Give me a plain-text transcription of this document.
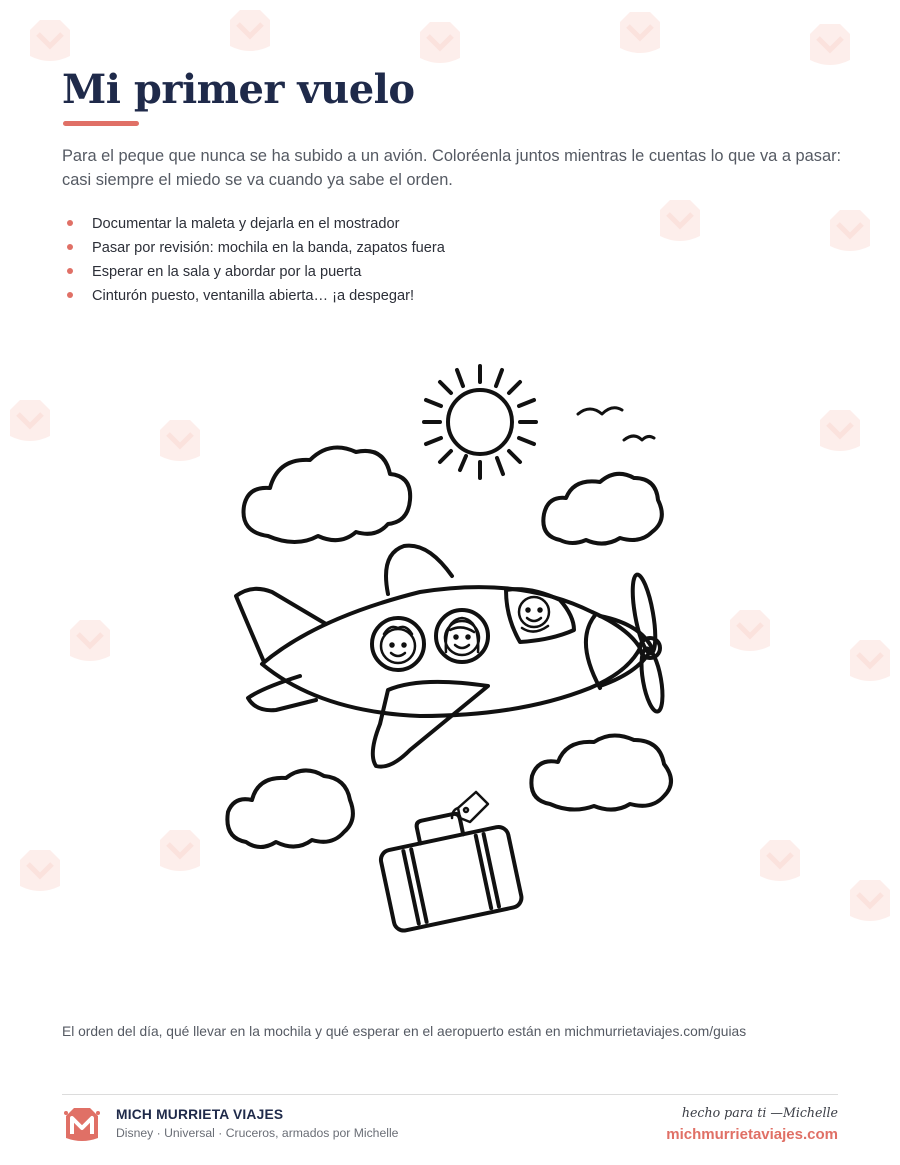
Mi primer vuelo

Para el peque que nunca se ha subido a un avión. Coloréenla juntos mientras le cuentas lo que va a pasar: casi siempre el miedo se va cuando ya sabe el orden.

Documentar la maleta y dejarla en el mostrador
Pasar por revisión: mochila en la banda, zapatos fuera
Esperar en la sala y abordar por la puerta
Cinturón puesto, ventanilla abierta… ¡a despegar!

El orden del día, qué llevar en la mochila y qué esperar en el aeropuerto están en michmurrietaviajes.com/guias

MICH MURRIETA VIAJES
Disney · Universal · Cruceros, armados por Michelle
hecho para ti —Michelle
michmurrietaviajes.com
